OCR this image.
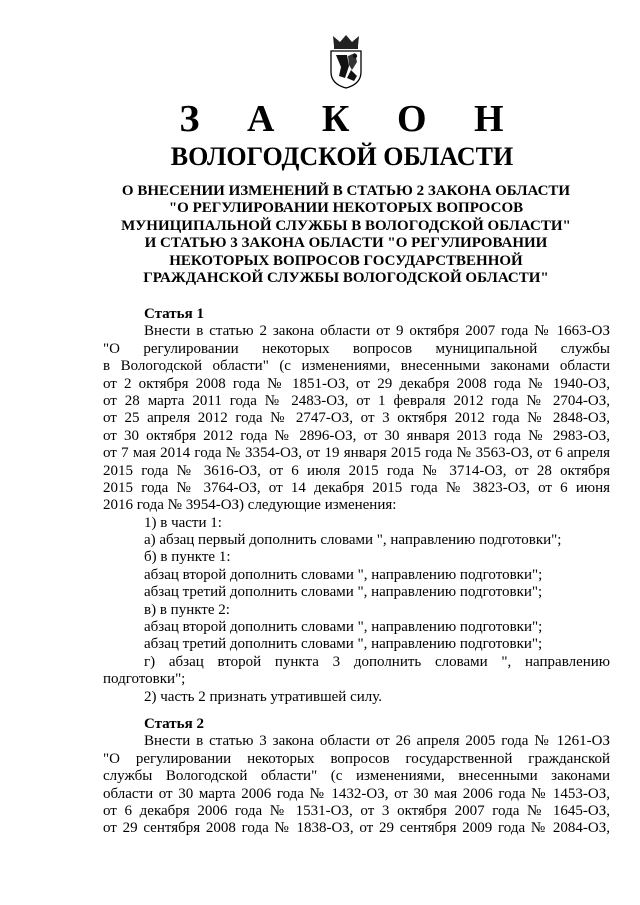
З А К О Н
ВОЛОГОДСКОЙ ОБЛАСТИ
О ВНЕСЕНИИ ИЗМЕНЕНИЙ В СТАТЬЮ 2 ЗАКОНА ОБЛАСТИ
"О РЕГУЛИРОВАНИИ НЕКОТОРЫХ ВОПРОСОВ
МУНИЦИПАЛЬНОЙ СЛУЖБЫ В ВОЛОГОДСКОЙ ОБЛАСТИ"
И СТАТЬЮ 3 ЗАКОНА ОБЛАСТИ "О РЕГУЛИРОВАНИИ
НЕКОТОРЫХ ВОПРОСОВ ГОСУДАРСТВЕННОЙ
ГРАЖДАНСКОЙ СЛУЖБЫ ВОЛОГОДСКОЙ ОБЛАСТИ"
Статья 1
Внести в статью 2 закона области от 9 октября 2007 года № 1663-ОЗ
"О регулировании некоторых вопросов муниципальной службы
в Вологодской области" (с изменениями, внесенными законами области
от 2 октября 2008 года № 1851-ОЗ, от 29 декабря 2008 года № 1940-ОЗ,
от 28 марта 2011 года № 2483-ОЗ, от 1 февраля 2012 года № 2704-ОЗ,
от 25 апреля 2012 года № 2747-ОЗ, от 3 октября 2012 года № 2848-ОЗ,
от 30 октября 2012 года № 2896-ОЗ, от 30 января 2013 года № 2983-ОЗ,
от 7 мая 2014 года № 3354-ОЗ, от 19 января 2015 года № 3563-ОЗ, от 6 апреля
2015 года № 3616-ОЗ, от 6 июля 2015 года № 3714-ОЗ, от 28 октября
2015 года № 3764-ОЗ, от 14 декабря 2015 года № 3823-ОЗ, от 6 июня
2016 года № 3954-ОЗ) следующие изменения:
1) в части 1:
а) абзац первый дополнить словами ", направлению подготовки";
б) в пункте 1:
абзац второй дополнить словами ", направлению подготовки";
абзац третий дополнить словами ", направлению подготовки";
в) в пункте 2:
абзац второй дополнить словами ", направлению подготовки";
абзац третий дополнить словами ", направлению подготовки";
г) абзац второй пункта 3 дополнить словами ", направлению
подготовки";
2) часть 2 признать утратившей силу.
Статья 2
Внести в статью 3 закона области от 26 апреля 2005 года № 1261-ОЗ
"О регулировании некоторых вопросов государственной гражданской
службы Вологодской области" (с изменениями, внесенными законами
области от 30 марта 2006 года № 1432-ОЗ, от 30 мая 2006 года № 1453-ОЗ,
от 6 декабря 2006 года № 1531-ОЗ, от 3 октября 2007 года № 1645-ОЗ,
от 29 сентября 2008 года № 1838-ОЗ, от 29 сентября 2009 года № 2084-ОЗ,
